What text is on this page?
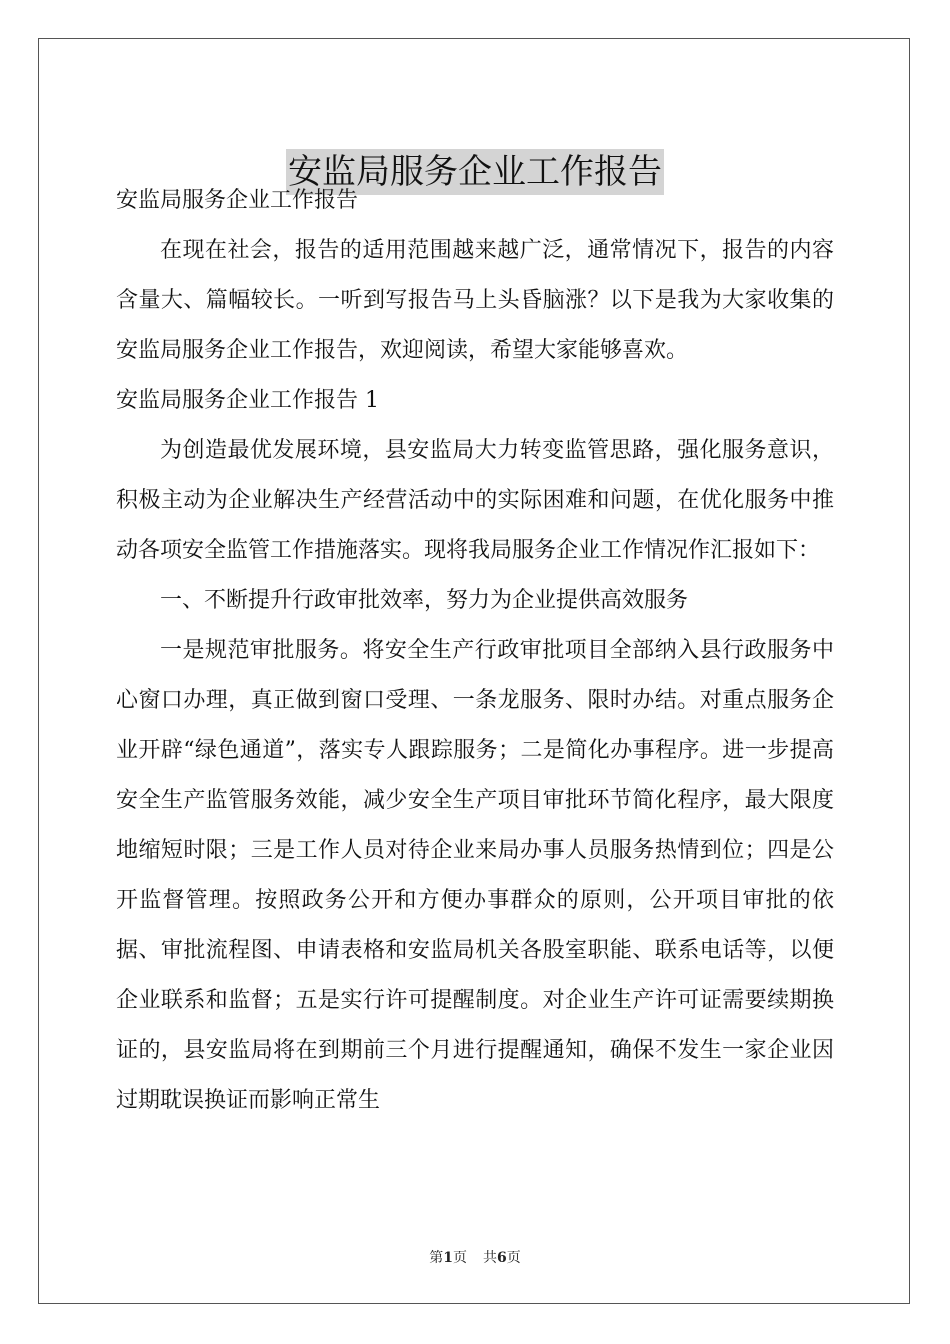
安监局服务企业工作报告

安监局服务企业工作报告

在现在社会，报告的适用范围越来越广泛，通常情况下，报告的内容含量大、篇幅较长。一听到写报告马上头昏脑涨？以下是我为大家收集的安监局服务企业工作报告，欢迎阅读，希望大家能够喜欢。

安监局服务企业工作报告 1

为创造最优发展环境，县安监局大力转变监管思路，强化服务意识，积极主动为企业解决生产经营活动中的实际困难和问题，在优化服务中推动各项安全监管工作措施落实。现将我局服务企业工作情况作汇报如下：

一、不断提升行政审批效率，努力为企业提供高效服务

一是规范审批服务。将安全生产行政审批项目全部纳入县行政服务中心窗口办理，真正做到窗口受理、一条龙服务、限时办结。对重点服务企业开辟“绿色通道”，落实专人跟踪服务；二是简化办事程序。进一步提高安全生产监管服务效能，减少安全生产项目审批环节简化程序，最大限度地缩短时限；三是工作人员对待企业来局办事人员服务热情到位；四是公开监督管理。按照政务公开和方便办事群众的原则，公开项目审批的依据、审批流程图、申请表格和安监局机关各股室职能、联系电话等，以便企业联系和监督；五是实行许可提醒制度。对企业生产许可证需要续期换证的，县安监局将在到期前三个月进行提醒通知，确保不发生一家企业因过期耽误换证而影响正常生

第1页 共6页
